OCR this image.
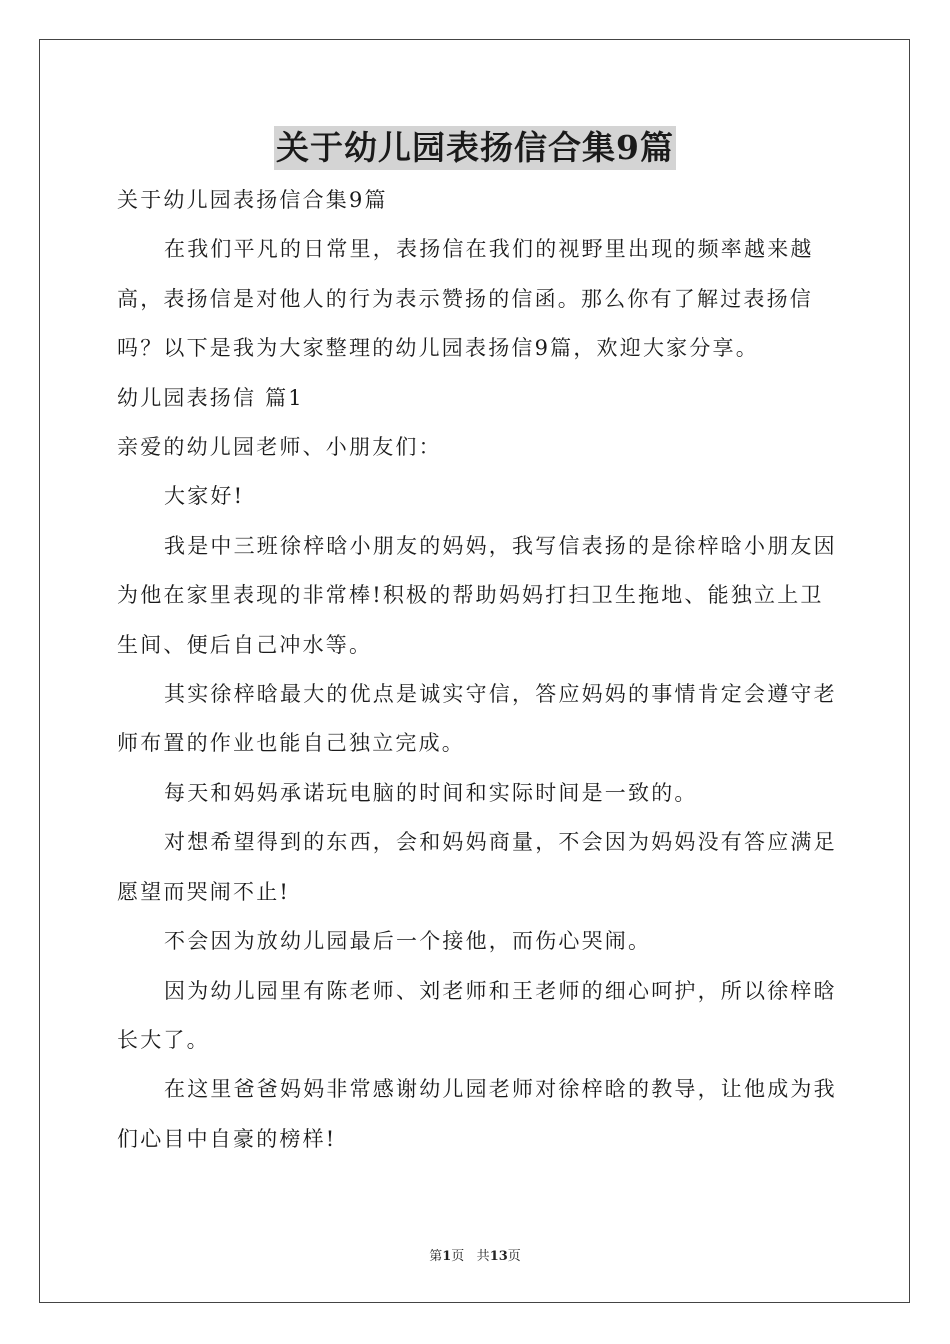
关于幼儿园表扬信合集9篇

关于幼儿园表扬信合集9篇

在我们平凡的日常里，表扬信在我们的视野里出现的频率越来越高，表扬信是对他人的行为表示赞扬的信函。那么你有了解过表扬信吗？以下是我为大家整理的幼儿园表扬信9篇，欢迎大家分享。

幼儿园表扬信 篇1

亲爱的幼儿园老师、小朋友们：

大家好!

我是中三班徐梓晗小朋友的妈妈，我写信表扬的是徐梓晗小朋友因为他在家里表现的非常棒!积极的帮助妈妈打扫卫生拖地、能独立上卫生间、便后自己冲水等。

其实徐梓晗最大的优点是诚实守信，答应妈妈的事情肯定会遵守老师布置的作业也能自己独立完成。

每天和妈妈承诺玩电脑的时间和实际时间是一致的。

对想希望得到的东西，会和妈妈商量，不会因为妈妈没有答应满足愿望而哭闹不止!

不会因为放幼儿园最后一个接他，而伤心哭闹。

因为幼儿园里有陈老师、刘老师和王老师的细心呵护，所以徐梓晗长大了。

在这里爸爸妈妈非常感谢幼儿园老师对徐梓晗的教导，让他成为我们心目中自豪的榜样!

第1页 共13页
